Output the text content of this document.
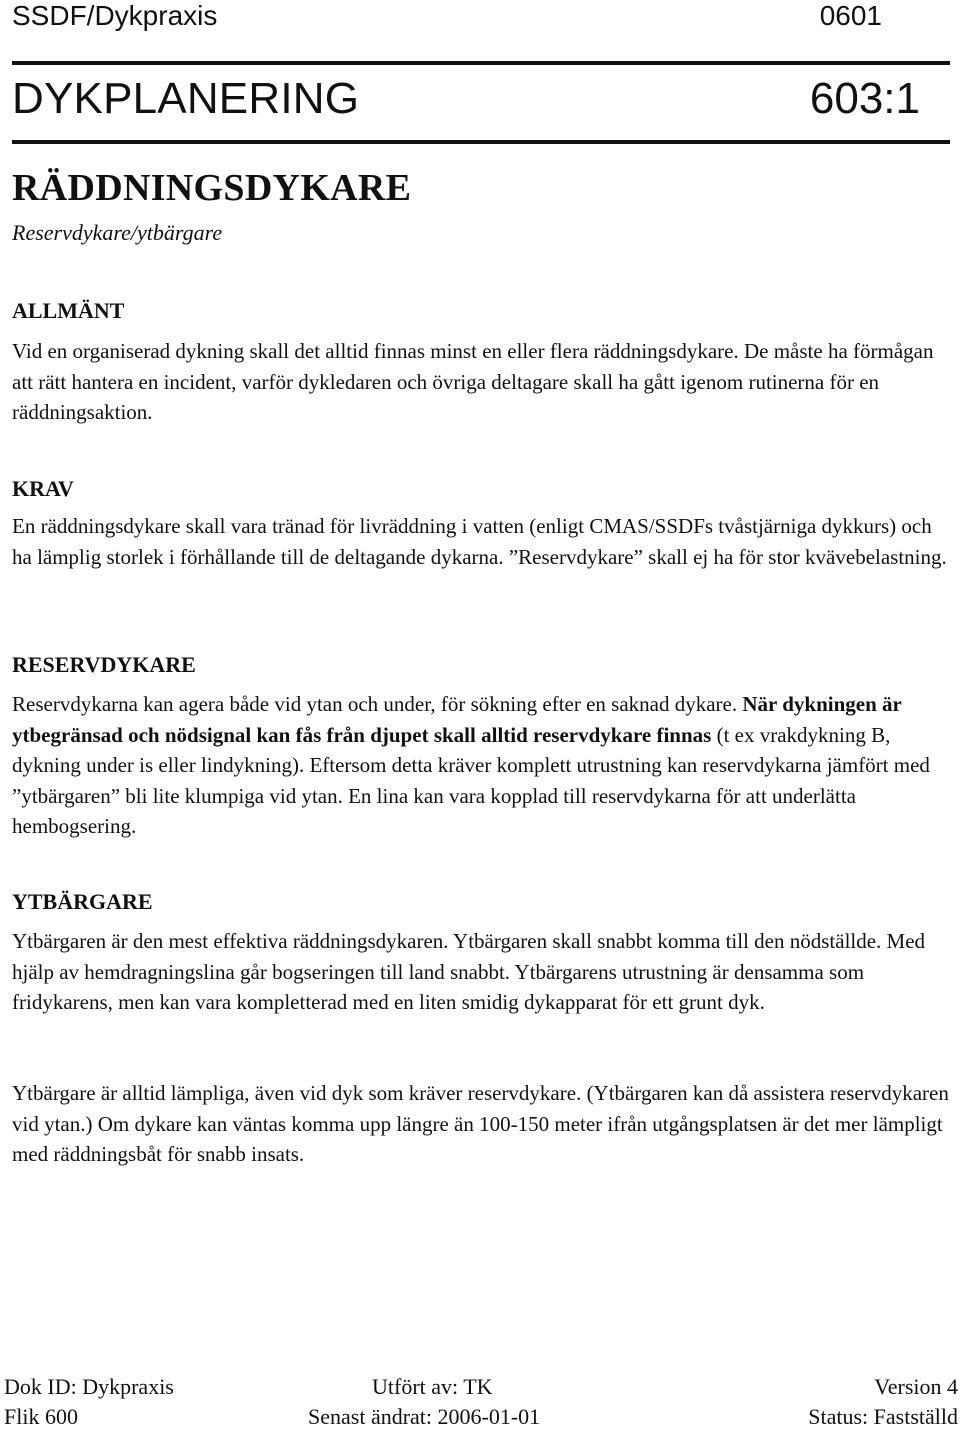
SSDF/Dykpraxis	0601
DYKPLANERING	603:1
RÄDDNINGSDYKARE

Reservdykare/ytbärgare

ALLMÄNT

Vid en organiserad dykning skall det alltid finnas minst en eller flera räddningsdykare. De måste ha förmågan att rätt hantera en incident, varför dykledaren och övriga deltagare skall ha gått igenom rutinerna för en räddningsaktion.

KRAV

En räddningsdykare skall vara tränad för livräddning i vatten (enligt CMAS/SSDFs tvåstjärniga dykkurs) och ha lämplig storlek i förhållande till de deltagande dykarna. ”Reservdykare” skall ej ha för stor kvävebelastning.

RESERVDYKARE

Reservdykarna kan agera både vid ytan och under, för sökning efter en saknad dykare. När dykningen är ytbegränsad och nödsignal kan fås från djupet skall alltid reservdykare finnas (t ex vrakdykning B, dykning under is eller lindykning). Eftersom detta kräver komplett utrustning kan reservdykarna jämfört med ”ytbärgaren” bli lite klumpiga vid ytan. En lina kan vara kopplad till reservdykarna för att underlätta hembogsering.

YTBÄRGARE

Ytbärgaren är den mest effektiva räddningsdykaren. Ytbärgaren skall snabbt komma till den nödställde. Med hjälp av hemdragningslina går bogseringen till land snabbt. Ytbärgarens utrustning är densamma som fridykarens, men kan vara kompletterad med en liten smidig dykapparat för ett grunt dyk.

Ytbärgare är alltid lämpliga, även vid dyk som kräver reservdykare. (Ytbärgaren kan då assistera reservdykaren vid ytan.) Om dykare kan väntas komma upp längre än 100-150 meter ifrån utgångsplatsen är det mer lämpligt med räddningsbåt för snabb insats.

Dok ID: Dykpraxis
Flik 600
Utfört av: TK
Senast ändrat: 2006-01-01
Version 4
Status: Fastställd
